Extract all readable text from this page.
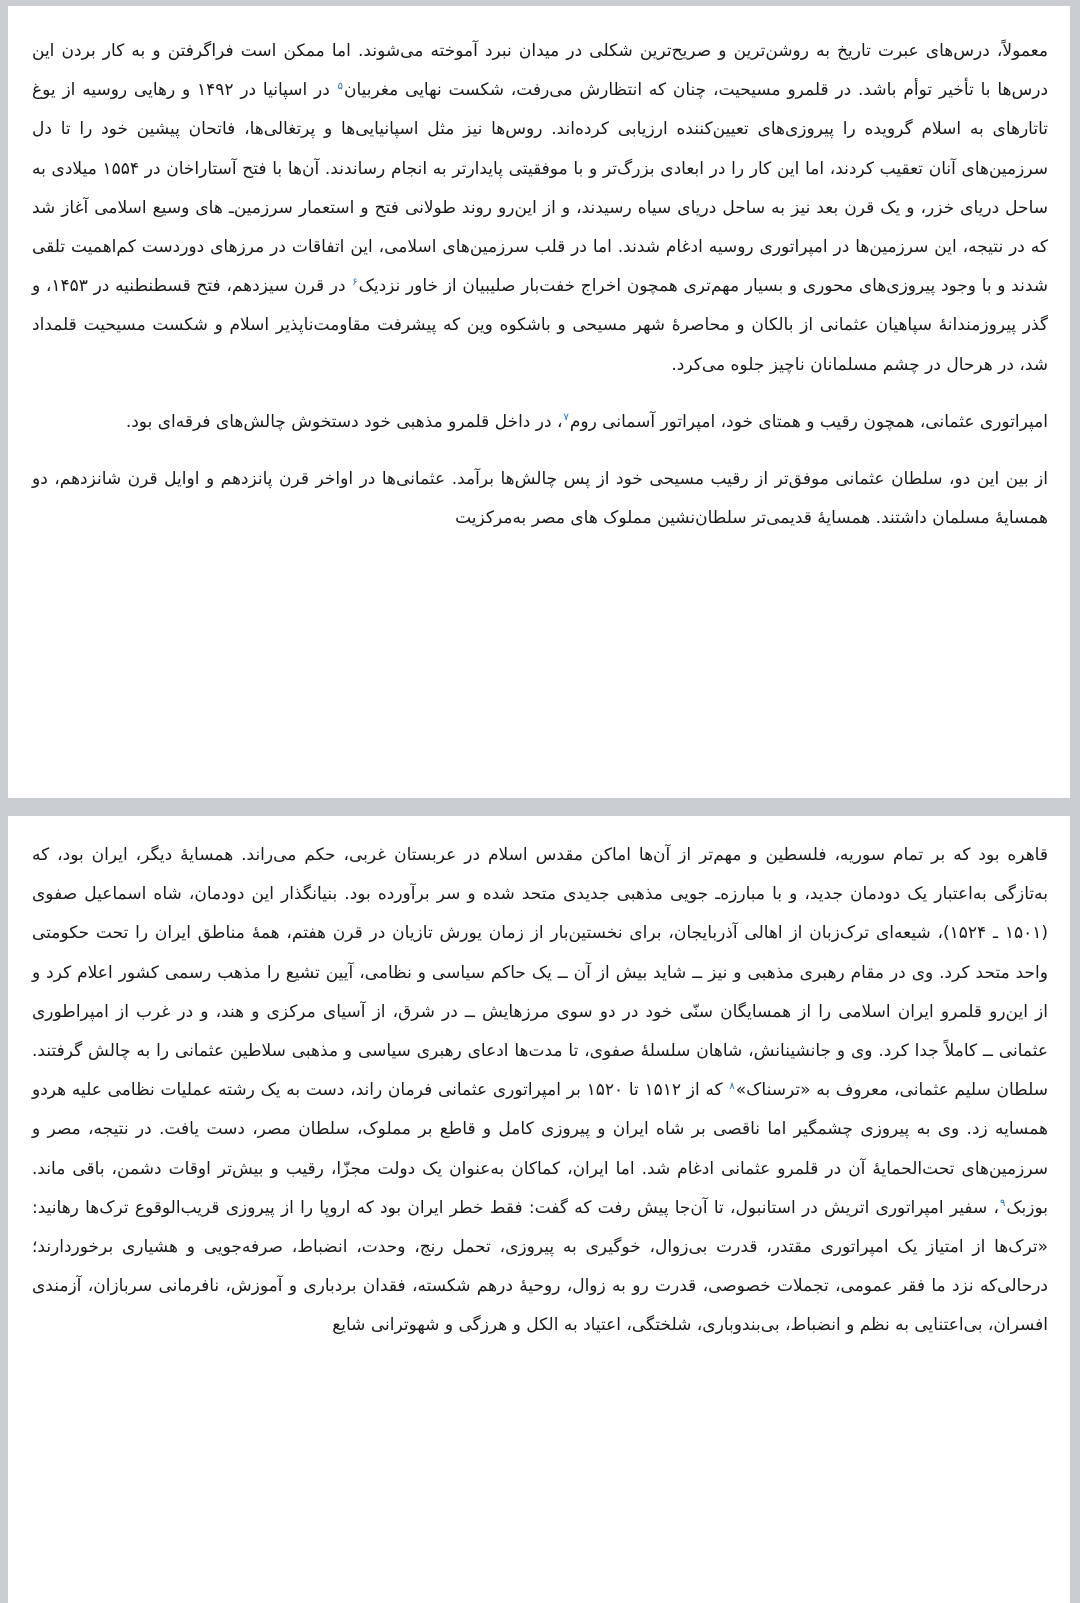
معمولاً، درس‌های عبرت تاریخ به روشن‌ترین و صریح‌ترین شکلی در میدان نبرد آموخته می‌شوند. اما ممکن است فراگرفتن و به کار بردن این درس‌ها با تأخیر توأم باشد. در قلمرو مسیحیت، چنان که انتظارش می‌رفت، شکست نهایی مغربیان$^۵$ در اسپانیا در ۱۴۹۲ و رهایی روسیه از یوغ تاتارهای به اسلام گرویده را پیروزی‌های تعیین‌کننده ارزیابی کرده‌اند. روس‌ها نیز مثل اسپانیایی‌ها و پرتغالی‌ها، فاتحان پیشین خود را تا دل سرزمین‌های آنان تعقیب کردند، اما این کار را در ابعادی بزرگ‌تر و با موفقیتی پایدارتر به انجام رساندند. آن‌ها با فتح آستاراخان در ۱۵۵۴ میلادی به ساحل دریای خزر، و یک قرن بعد نیز به ساحل دریای سیاه رسیدند، و از این‌رو روند طولانی فتح و استعمار سرزمین‌ـ های وسیع اسلامی آغاز شد که در نتیجه، این سرزمین‌ها در امپراتوری روسیه ادغام شدند. اما در قلب سرزمین‌های اسلامی، این اتفاقات در مرزهای دوردست کم‌اهمیت تلقی شدند و با وجود پیروزی‌های محوری و بسیار مهم‌تری همچون اخراج خفت‌بار صلیبیان از خاور نزدیک$^۶$ در قرن سیزدهم، فتح قسطنطنیه در ۱۴۵۳، و گذر پیروزمندانهٔ سپاهیان عثمانی از بالکان و محاصرهٔ شهر مسیحی و باشکوه وین که پیشرفت مقاومت‌ناپذیر اسلام و شکست مسیحیت قلمداد شد، در هرحال در چشم مسلمانان ناچیز جلوه می‌کرد.

امپراتوری عثمانی، همچون رقیب و همتای خود، امپراتور آسمانی روم$^۷$، در داخل قلمرو مذهبی خود دستخوش چالش‌های فرقه‌ای بود.

از بین این دو، سلطان عثمانی موفق‌تر از رقیب مسیحی خود از پس چالش‌ها برآمد. عثمانی‌ها در اواخر قرن پانزدهم و اوایل قرن شانزدهم، دو همسایهٔ مسلمان داشتند. همسایهٔ قدیمی‌تر سلطان‌نشین مملوک های مصر به‌مرکزیت

قاهره بود که بر تمام سوریه، فلسطین و مهم‌تر از آن‌ها اماکن مقدس اسلام در عربستان غربی، حکم می‌راند. همسایهٔ دیگر، ایران بود، که به‌تازگی به‌اعتبار یک دودمان جدید، و با مبارزه‌ـ جویی مذهبی جدیدی متحد شده و سر برآورده بود. بنیانگذار این دودمان، شاه اسماعیل صفوی (۱۵۰۱ ـ ۱۵۲۴)، شیعه‌ای ترک‌زبان از اهالی آذربایجان، برای نخستین‌بار از زمان یورش تازیان در قرن هفتم، همهٔ مناطق ایران را تحت حکومتی واحد متحد کرد. وی در مقام رهبری مذهبی و نیز ــ شاید بیش از آن ــ یک حاکم سیاسی و نظامی، آیین تشیع را مذهب رسمی کشور اعلام کرد و از این‌رو قلمرو ایران اسلامی را از همسایگان سنّی خود در دو سوی مرزهایش ــ در شرق، از آسیای مرکزی و هند، و در غرب از امپراطوری عثمانی ــ کاملاً جدا کرد. وی و جانشینانش، شاهان سلسلهٔ صفوی، تا مدت‌ها ادعای رهبری سیاسی و مذهبی سلاطین عثمانی را به چالش گرفتند. سلطان سلیم عثمانی، معروف به «ترسناک»$^۸$ که از ۱۵۱۲ تا ۱۵۲۰ بر امپراتوری عثمانی فرمان راند، دست به یک رشته عملیات نظامی علیه هردو همسایه زد. وی به پیروزی چشمگیر اما ناقصی بر شاه ایران و پیروزی کامل و قاطع بر مملوک، سلطان مصر، دست یافت. در نتیجه، مصر و سرزمین‌های تحت‌الحمایهٔ آن در قلمرو عثمانی ادغام شد. اما ایران، کماکان به‌عنوان یک دولت مجزّا، رقیب و بیش‌تر اوقات دشمن، باقی ماند. بوزبک$^۹$، سفیر امپراتوری اتریش در استانبول، تا آن‌جا پیش رفت که گفت: فقط خطر ایران بود که اروپا را از پیروزی قریب‌الوقوع ترک‌ها رهانید: «ترک‌ها از امتیاز یک امپراتوری مقتدر، قدرت بی‌زوال، خوگیری به پیروزی، تحمل رنج، وحدت، انضباط، صرفه‌جویی و هشیاری برخوردارند؛ درحالی‌که نزد ما فقر عمومی، تجملات خصوصی، قدرت رو به زوال، روحیهٔ درهم شکسته، فقدان بردباری و آموزش، نافرمانی سربازان، آزمندی افسران، بی‌اعتنایی به نظم و انضباط، بی‌بندوباری، شلختگی، اعتیاد به الکل و هرزگی و شهوترانی شایع
